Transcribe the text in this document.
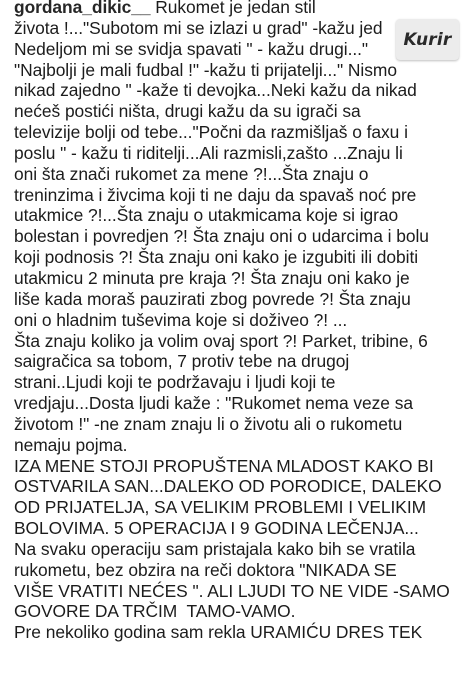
gordana_dikic__ Rukomet je jedan stil
života !..."Subotom mi se izlazi u grad" -kažu jed
Nedeljom mi se svidja spavati " - kažu drugi..."
"Najbolji je mali fudbal !" -kažu ti prijatelji..." Nismo
nikad zajedno " -kaže ti devojka...Neki kažu da nikad
nećeš postići ništa, drugi kažu da su igrači sa
televizije bolji od tebe..."Počni da razmišljaš o faxu i
poslu " - kažu ti riditelji...Ali razmisli,zašto ...Znaju li
oni šta znači rukomet za mene ?!...Šta znaju o
treninzima i živcima koji ti ne daju da spavaš noć pre
utakmice ?!...Šta znaju o utakmicama koje si igrao
bolestan i povredjen ?! Šta znaju oni o udarcima i bolu
koji podnosis ?! Šta znaju oni kako je izgubiti ili dobiti
utakmicu 2 minuta pre kraja ?! Šta znaju oni kako je
liše kada moraš pauzirati zbog povrede ?! Šta znaju
oni o hladnim tuševima koje si doživeo ?! ...
Šta znaju koliko ja volim ovaj sport ?! Parket, tribine, 6
saigračica sa tobom, 7 protiv tebe na drugoj
strani..Ljudi koji te podržavaju i ljudi koji te
vredjaju...Dosta ljudi kaže : "Rukomet nema veze sa
životom !" -ne znam znaju li o životu ali o rukometu
nemaju pojma.
IZA MENE STOJI PROPUŠTENA MLADOST KAKO BI
OSTVARILA SAN...DALEKO OD PORODICE, DALEKO
OD PRIJATELJA, SA VELIKIM PROBLEMI I VELIKIM
BOLOVIMA. 5 OPERACIJA I 9 GODINA LEČENJA...
Na svaku operaciju sam pristajala kako bih se vratila
rukometu, bez obzira na reči doktora "NIKADA SE
VIŠE VRATITI NEĆES ". ALI LJUDI TO NE VIDE -SAMO
GOVORE DA TRČIM  TAMO-VAMO.
Pre nekoliko godina sam rekla URAMIĆU DRES TEK
Kurir
